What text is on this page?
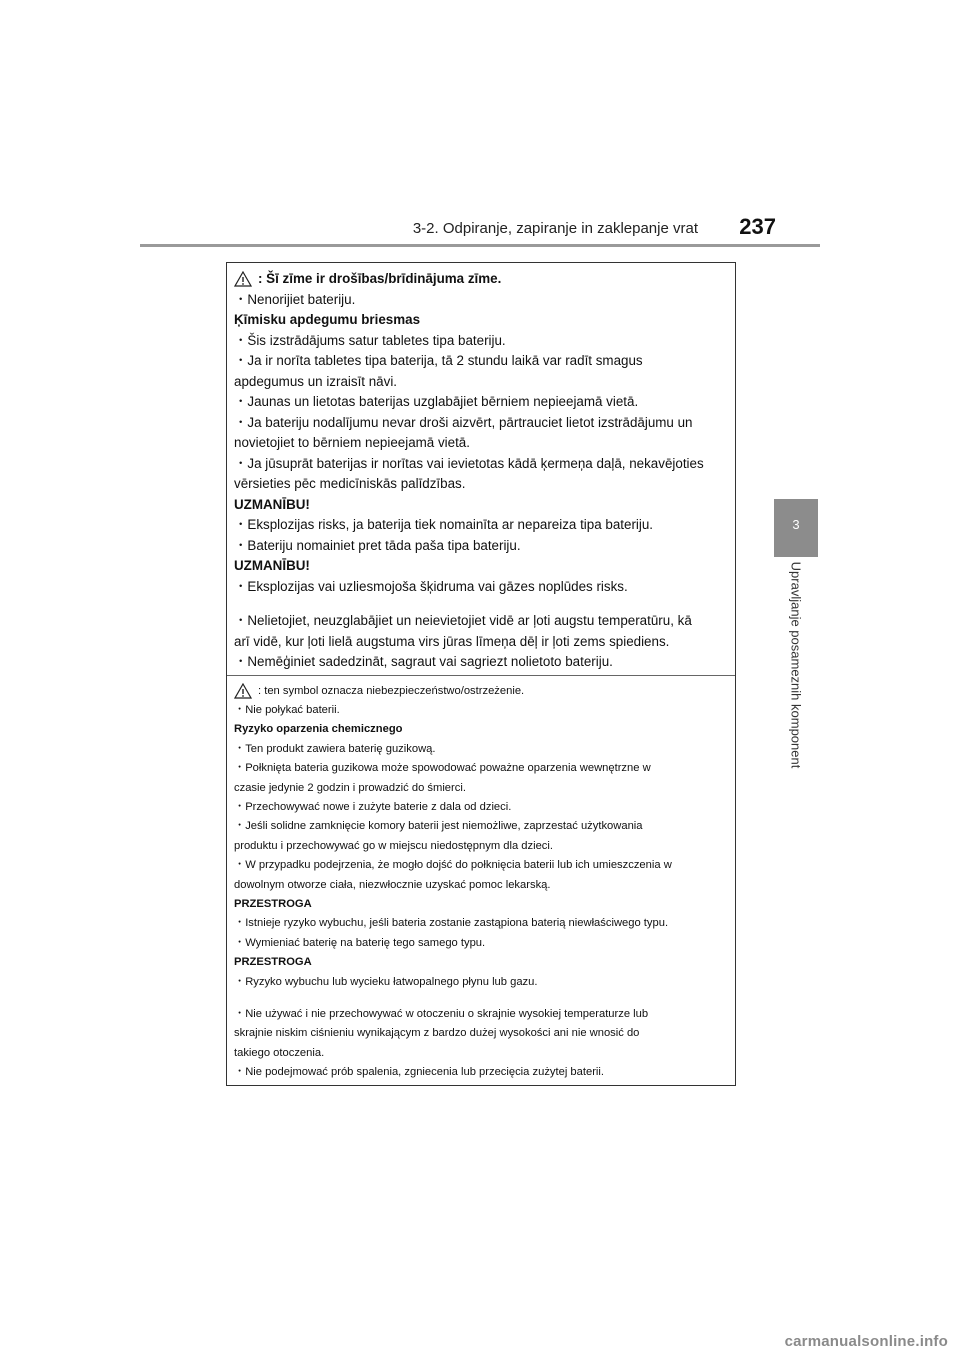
3-2. Odpiranje, zapiranje in zaklepanje vrat 237
3
Upravljanje posameznih komponent
: Šī zīme ir drošības/brīdinājuma zīme.
・Nenorijiet bateriju.
Ķīmisku apdegumu briesmas
・Šis izstrādājums satur tabletes tipa bateriju.
・Ja ir norīta tabletes tipa baterija, tā 2 stundu laikā var radīt smagus
apdegumus un izraisīt nāvi.
・Jaunas un lietotas baterijas uzglabājiet bērniem nepieejamā vietā.
・Ja bateriju nodalījumu nevar droši aizvērt, pārtrauciet lietot izstrādājumu un
novietojiet to bērniem nepieejamā vietā.
・Ja jūsuprāt baterijas ir norītas vai ievietotas kādā ķermeņa daļā, nekavējoties
vērsieties pēc medicīniskās palīdzības.
UZMANĪBU!
・Eksplozijas risks, ja baterija tiek nomainīta ar nepareiza tipa bateriju.
・Bateriju nomainiet pret tāda paša tipa bateriju.
UZMANĪBU!
・Eksplozijas vai uzliesmojoša šķidruma vai gāzes noplūdes risks.
・Nelietojiet, neuzglabājiet un neievietojiet vidē ar ļoti augstu temperatūru, kā
arī vidē, kur ļoti lielā augstuma virs jūras līmeņa dēļ ir ļoti zems spiediens.
・Nemēģiniet sadedzināt, sagraut vai sagriezt nolietoto bateriju.
: ten symbol oznacza niebezpieczeństwo/ostrzeżenie.
・Nie połykać baterii.
Ryzyko oparzenia chemicznego
・Ten produkt zawiera baterię guzikową.
・Połknięta bateria guzikowa może spowodować poważne oparzenia wewnętrzne w
czasie jedynie 2 godzin i prowadzić do śmierci.
・Przechowywać nowe i zużyte baterie z dala od dzieci.
・Jeśli solidne zamknięcie komory baterii jest niemożliwe, zaprzestać użytkowania
produktu i przechowywać go w miejscu niedostępnym dla dzieci.
・W przypadku podejrzenia, że mogło dojść do połknięcia baterii lub ich umieszczenia w
dowolnym otworze ciała, niezwłocznie uzyskać pomoc lekarską.
PRZESTROGA
・Istnieje ryzyko wybuchu, jeśli bateria zostanie zastąpiona baterią niewłaściwego typu.
・Wymieniać baterię na baterię tego samego typu.
PRZESTROGA
・Ryzyko wybuchu lub wycieku łatwopalnego płynu lub gazu.
・Nie używać i nie przechowywać w otoczeniu o skrajnie wysokiej temperaturze lub
skrajnie niskim ciśnieniu wynikającym z bardzo dużej wysokości ani nie wnosić do
takiego otoczenia.
・Nie podejmować prób spalenia, zgniecenia lub przecięcia zużytej baterii.
carmanualsonline.info
